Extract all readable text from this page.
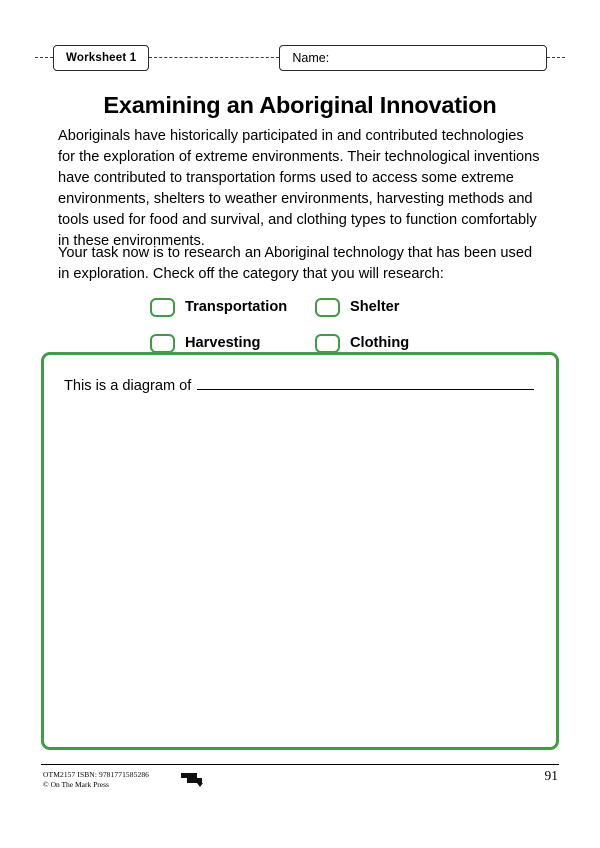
Worksheet 1	Name:
Examining an Aboriginal Innovation
Aboriginals have historically participated in and contributed technologies for the exploration of extreme environments. Their technological inventions have contributed to transportation forms used to access some extreme environments, shelters to weather environments, harvesting methods and tools used for food and survival, and clothing types to function comfortably in these environments.
Your task now is to research an Aboriginal technology that has been used in exploration. Check off the category that you will research:
Transportation	Shelter
Harvesting	Clothing
This is a diagram of
OTM2157 ISBN: 9781771585286
© On The Mark Press
91
